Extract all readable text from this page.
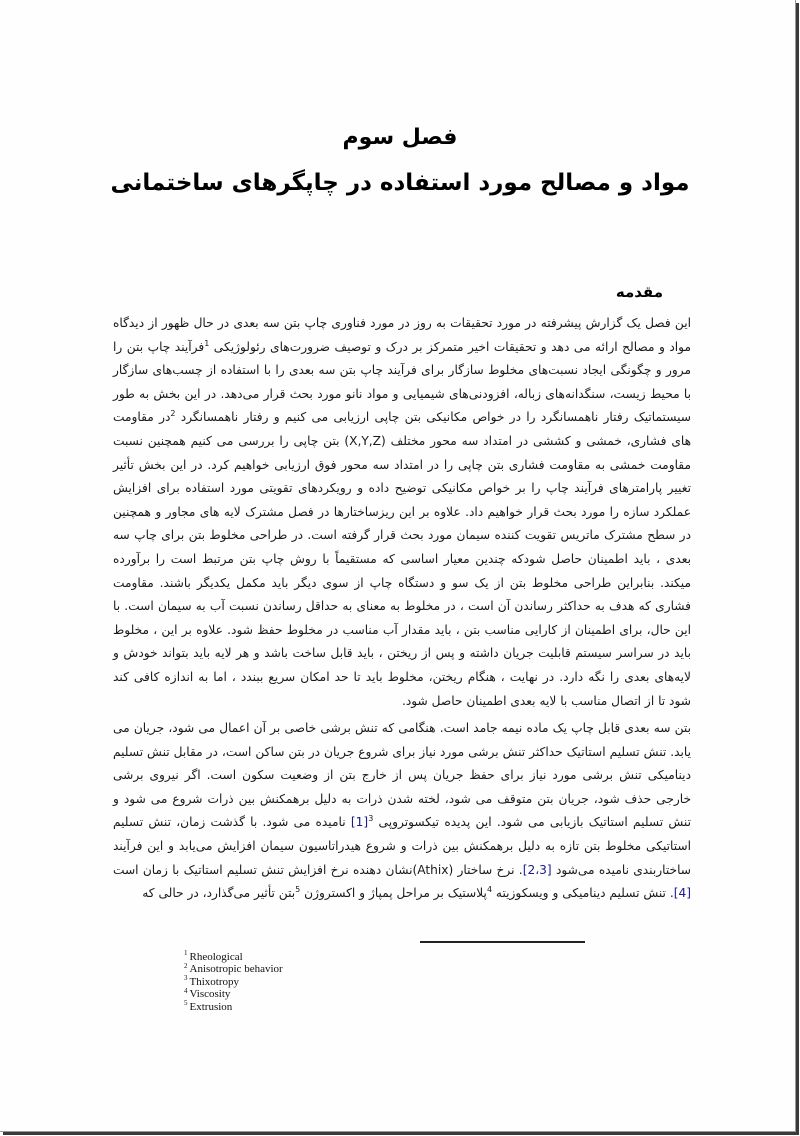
فصل سوم
مواد و مصالح مورد استفاده در چاپگرهای ساختمانی
مقدمه

این فصل یک گزارش پیشرفته در مورد تحقیقات به روز در مورد فناوری چاپ بتن سه بعدی در حال ظهور از دیدگاه مواد و مصالح ارائه می دهد و تحقیقات اخیر متمرکز بر درک و توصیف ضرورت‌های رئولوژیکی $^1$فرآیند چاپ بتن را مرور و چگونگی ایجاد نسبت‌های مخلوط سازگار برای فرآیند چاپ بتن سه بعدی را با استفاده از چسب‌های سازگار با محیط زیست، سنگدانه‌های زباله، افزودنی‌های شیمیایی و مواد نانو مورد بحث قرار می‌دهد. در این بخش به طور سیستماتیک رفتار ناهمسانگرد را در خواص مکانیکی بتن چاپی ارزیابی می کنیم و رفتار ناهمسانگرد $^2$در مقاومت های فشاری، خمشی و کششی در امتداد سه محور مختلف (X,Y,Z) بتن چاپی را بررسی می کنیم همچنین نسبت مقاومت خمشی به مقاومت فشاری بتن چاپی را در امتداد سه محور فوق ارزیابی خواهیم کرد. در این بخش تأثیر تغییر پارامترهای فرآیند چاپ را بر خواص مکانیکی توضیح داده و رویکردهای تقویتی مورد استفاده برای افزایش عملکرد سازه را مورد بحث قرار خواهیم داد. علاوه بر این ریزساختارها در فصل مشترک لایه های مجاور و همچنین در سطح مشترک ماتریس تقویت کننده سیمان مورد بحث قرار گرفته است. در طراحی مخلوط بتن برای چاپ سه بعدی ، باید اطمینان حاصل شودکه چندین معیار اساسی که مستقیماً با روش چاپ بتن مرتبط است را برآورده میکند. بنابراین طراحی مخلوط بتن از یک سو و دستگاه چاپ از سوی دیگر باید مکمل یکدیگر باشند. مقاومت فشاری که هدف به حداکثر رساندن آن است ، در مخلوط به معنای به حداقل رساندن نسبت آب به سیمان است. با این حال، برای اطمینان از کارایی مناسب بتن ، باید مقدار آب مناسب در مخلوط حفظ شود. علاوه بر این ، مخلوط باید در سراسر سیستم قابلیت جریان داشته و پس از ریختن ، باید قابل ساخت باشد و هر لایه باید بتواند خودش و لایه‌های بعدی را نگه دارد. در نهایت ، هنگام ریختن، مخلوط باید تا حد امکان سریع ببندد ، اما به اندازه کافی کند شود تا از اتصال مناسب با لایه بعدی اطمینان حاصل شود.

بتن سه بعدی قابل چاپ یک ماده نیمه جامد است. هنگامی که تنش برشی خاصی بر آن اعمال می شود، جریان می یابد. تنش تسلیم استاتیک حداکثر تنش برشی مورد نیاز برای شروع جریان در بتن ساکن است، در مقابل تنش تسلیم دینامیکی تنش برشی مورد نیاز برای حفظ جریان پس از خارج بتن از وضعیت سکون است. اگر نیروی برشی خارجی حذف شود، جریان بتن متوقف می شود، لخته شدن ذرات به دلیل برهمکنش بین ذرات شروع می شود و تنش تسلیم استاتیک بازیابی می شود. این پدیده تیکسوتروپی $^3$[1] نامیده می شود. با گذشت زمان، تنش تسلیم استاتیکی مخلوط بتن تازه به دلیل برهمکنش بین ذرات و شروع هیدراتاسیون سیمان افزایش می‌یابد و این فرآیند ساختاربندی نامیده می‌شود [2،3]. نرخ ساختار (Athix)نشان دهنده نرخ افزایش تنش تسلیم استاتیک با زمان است [4]. تنش تسلیم دینامیکی و ویسکوزیته $^4$پلاستیک بر مراحل پمپاژ و اکستروژن $^5$بتن تأثیر می‌گذارد، در حالی که

$^1$ Rheological
$^2$ Anisotropic behavior
$^3$ Thixotropy
$^4$ Viscosity
$^5$ Extrusion
